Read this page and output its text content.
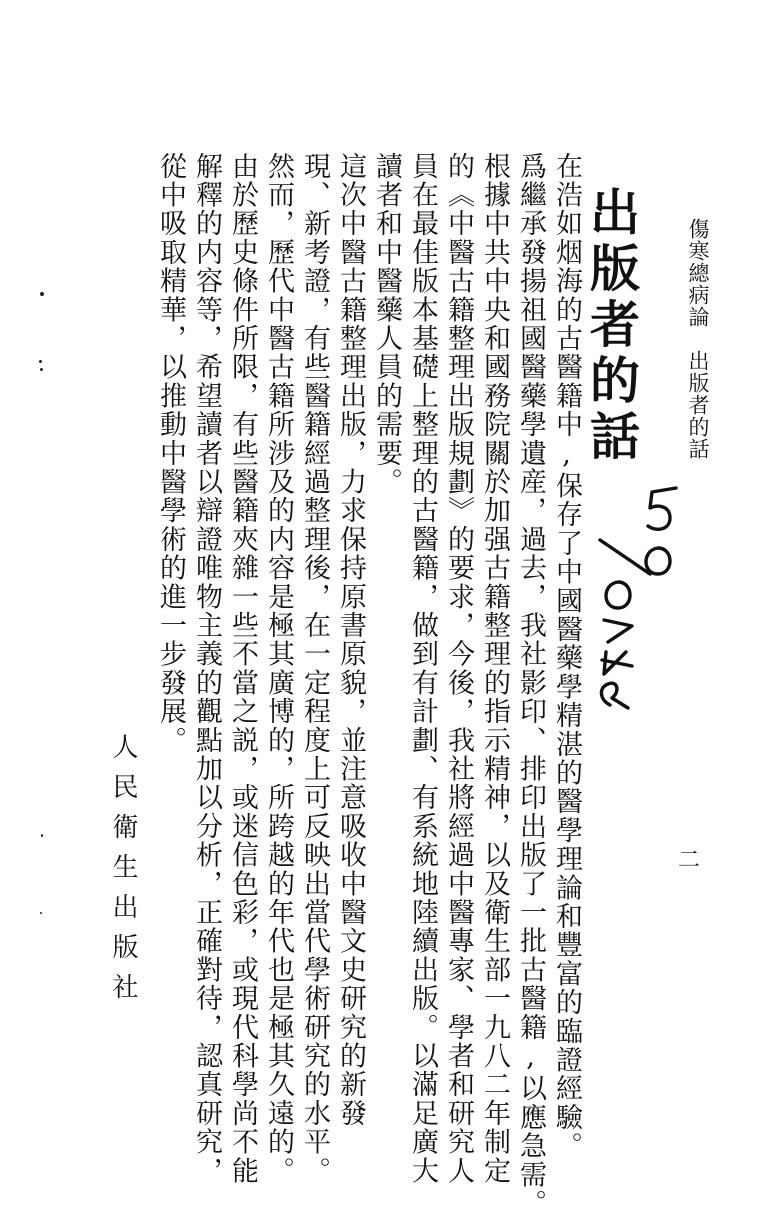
傷寒總病論　出版者的話
出版者的話
在浩如烟海的古醫籍中,保存了中國醫藥學精湛的醫學理論和豐富的臨證經驗。
爲繼承發揚祖國醫藥學遺産，過去，我社影印、排印出版了一批古醫籍,以應急需。
根據中共中央和國務院關於加强古籍整理的指示精神，以及衛生部一九八二年制定
的《中醫古籍整理出版規劃》的要求，今後，我社將經過中醫專家、學者和研究人
員在最佳版本基礎上整理的古醫籍，做到有計劃、有系統地陸續出版。以滿足廣大
讀者和中醫藥人員的需要。
這次中醫古籍整理出版，力求保持原書原貌，並注意吸收中醫文史研究的新發
現、新考證，有些醫籍經過整理後，在一定程度上可反映出當代學術研究的水平。
然而，歷代中醫古籍所涉及的内容是極其廣博的，所跨越的年代也是極其久遠的。
由於歷史條件所限，有些醫籍夾雜一些不當之説，或迷信色彩，或現代科學尚不能
解釋的内容等，希望讀者以辯證唯物主義的觀點加以分析，正確對待，認真研究，
從中吸取精華，以推動中醫學術的進一步發展。
人民衛生出版社	二
